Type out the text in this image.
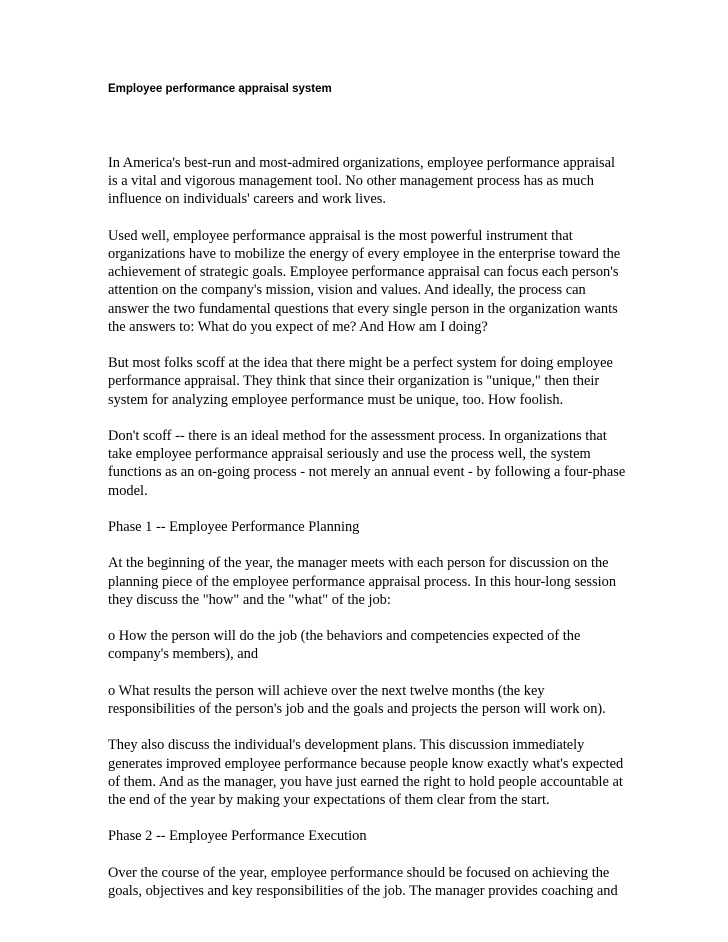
Employee performance appraisal system

In America's best-run and most-admired organizations, employee performance appraisal
is a vital and vigorous management tool. No other management process has as much
influence on individuals' careers and work lives.

Used well, employee performance appraisal is the most powerful instrument that
organizations have to mobilize the energy of every employee in the enterprise toward the
achievement of strategic goals. Employee performance appraisal can focus each person's
attention on the company's mission, vision and values. And ideally, the process can
answer the two fundamental questions that every single person in the organization wants
the answers to: What do you expect of me? And How am I doing?

But most folks scoff at the idea that there might be a perfect system for doing employee
performance appraisal. They think that since their organization is "unique," then their
system for analyzing employee performance must be unique, too. How foolish.

Don't scoff -- there is an ideal method for the assessment process. In organizations that
take employee performance appraisal seriously and use the process well, the system
functions as an on-going process - not merely an annual event - by following a four-phase
model.

Phase 1 -- Employee Performance Planning

At the beginning of the year, the manager meets with each person for discussion on the
planning piece of the employee performance appraisal process. In this hour-long session
they discuss the "how" and the "what" of the job:

o How the person will do the job (the behaviors and competencies expected of the
company's members), and

o What results the person will achieve over the next twelve months (the key
responsibilities of the person's job and the goals and projects the person will work on).

They also discuss the individual's development plans. This discussion immediately
generates improved employee performance because people know exactly what's expected
of them. And as the manager, you have just earned the right to hold people accountable at
the end of the year by making your expectations of them clear from the start.

Phase 2 -- Employee Performance Execution

Over the course of the year, employee performance should be focused on achieving the
goals, objectives and key responsibilities of the job. The manager provides coaching and
